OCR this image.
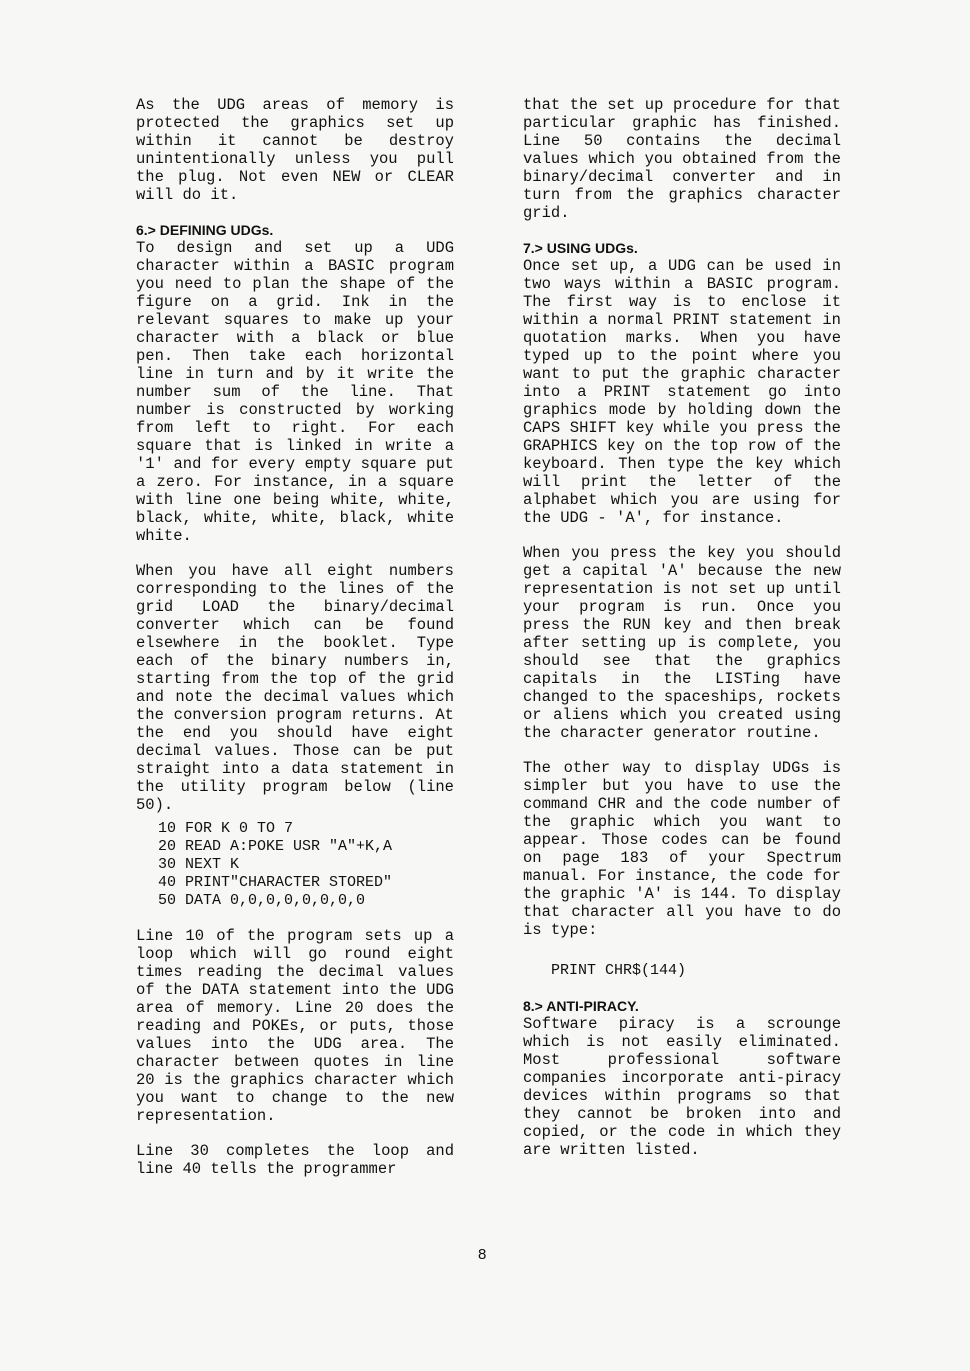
As the UDG areas of memory is protected the graphics set up within it cannot be destroy unintentionally unless you pull the plug. Not even NEW or CLEAR will do it.

6.> DEFINING UDGs.

To design and set up a UDG character within a BASIC program you need to plan the shape of the figure on a grid. Ink in the relevant squares to make up your character with a black or blue pen. Then take each horizontal line in turn and by it write the number sum of the line. That number is constructed by working from left to right. For each square that is linked in write a '1' and for every empty square put a zero. For instance, in a square with line one being white, white, black, white, white, black, white white.

When you have all eight numbers corresponding to the lines of the grid LOAD the binary/decimal converter which can be found elsewhere in the booklet. Type each of the binary numbers in, starting from the top of the grid and note the decimal values which the conversion program returns. At the end you should have eight decimal values. Those can be put straight into a data statement in the utility program below (line 50).

10 FOR K 0 TO 7
20 READ A:POKE USR "A"+K,A
30 NEXT K
40 PRINT"CHARACTER STORED"
50 DATA 0,0,0,0,0,0,0,0

Line 10 of the program sets up a loop which will go round eight times reading the decimal values of the DATA statement into the UDG area of memory. Line 20 does the reading and POKEs, or puts, those values into the UDG area. The character between quotes in line 20 is the graphics character which you want to change to the new representation.

Line 30 completes the loop and line 40 tells the programmer

that the set up procedure for that particular graphic has finished. Line 50 contains the decimal values which you obtained from the binary/decimal converter and in turn from the graphics character grid.

7.> USING UDGs.

Once set up, a UDG can be used in two ways within a BASIC program. The first way is to enclose it within a normal PRINT statement in quotation marks. When you have typed up to the point where you want to put the graphic character into a PRINT statement go into graphics mode by holding down the CAPS SHIFT key while you press the GRAPHICS key on the top row of the keyboard. Then type the key which will print the letter of the alphabet which you are using for the UDG - 'A', for instance.

When you press the key you should get a capital 'A' because the new representation is not set up until your program is run. Once you press the RUN key and then break after setting up is complete, you should see that the graphics capitals in the LISTing have changed to the spaceships, rockets or aliens which you created using the character generator routine.

The other way to display UDGs is simpler but you have to use the command CHR and the code number of the graphic which you want to appear. Those codes can be found on page 183 of your Spectrum manual. For instance, the code for the graphic 'A' is 144. To display that character all you have to do is type:

PRINT CHR$(144)
8.> ANTI-PIRACY.

Software piracy is a scrounge which is not easily eliminated. Most professional software companies incorporate anti-piracy devices within programs so that they cannot be broken into and copied, or the code in which they are written listed.

8
